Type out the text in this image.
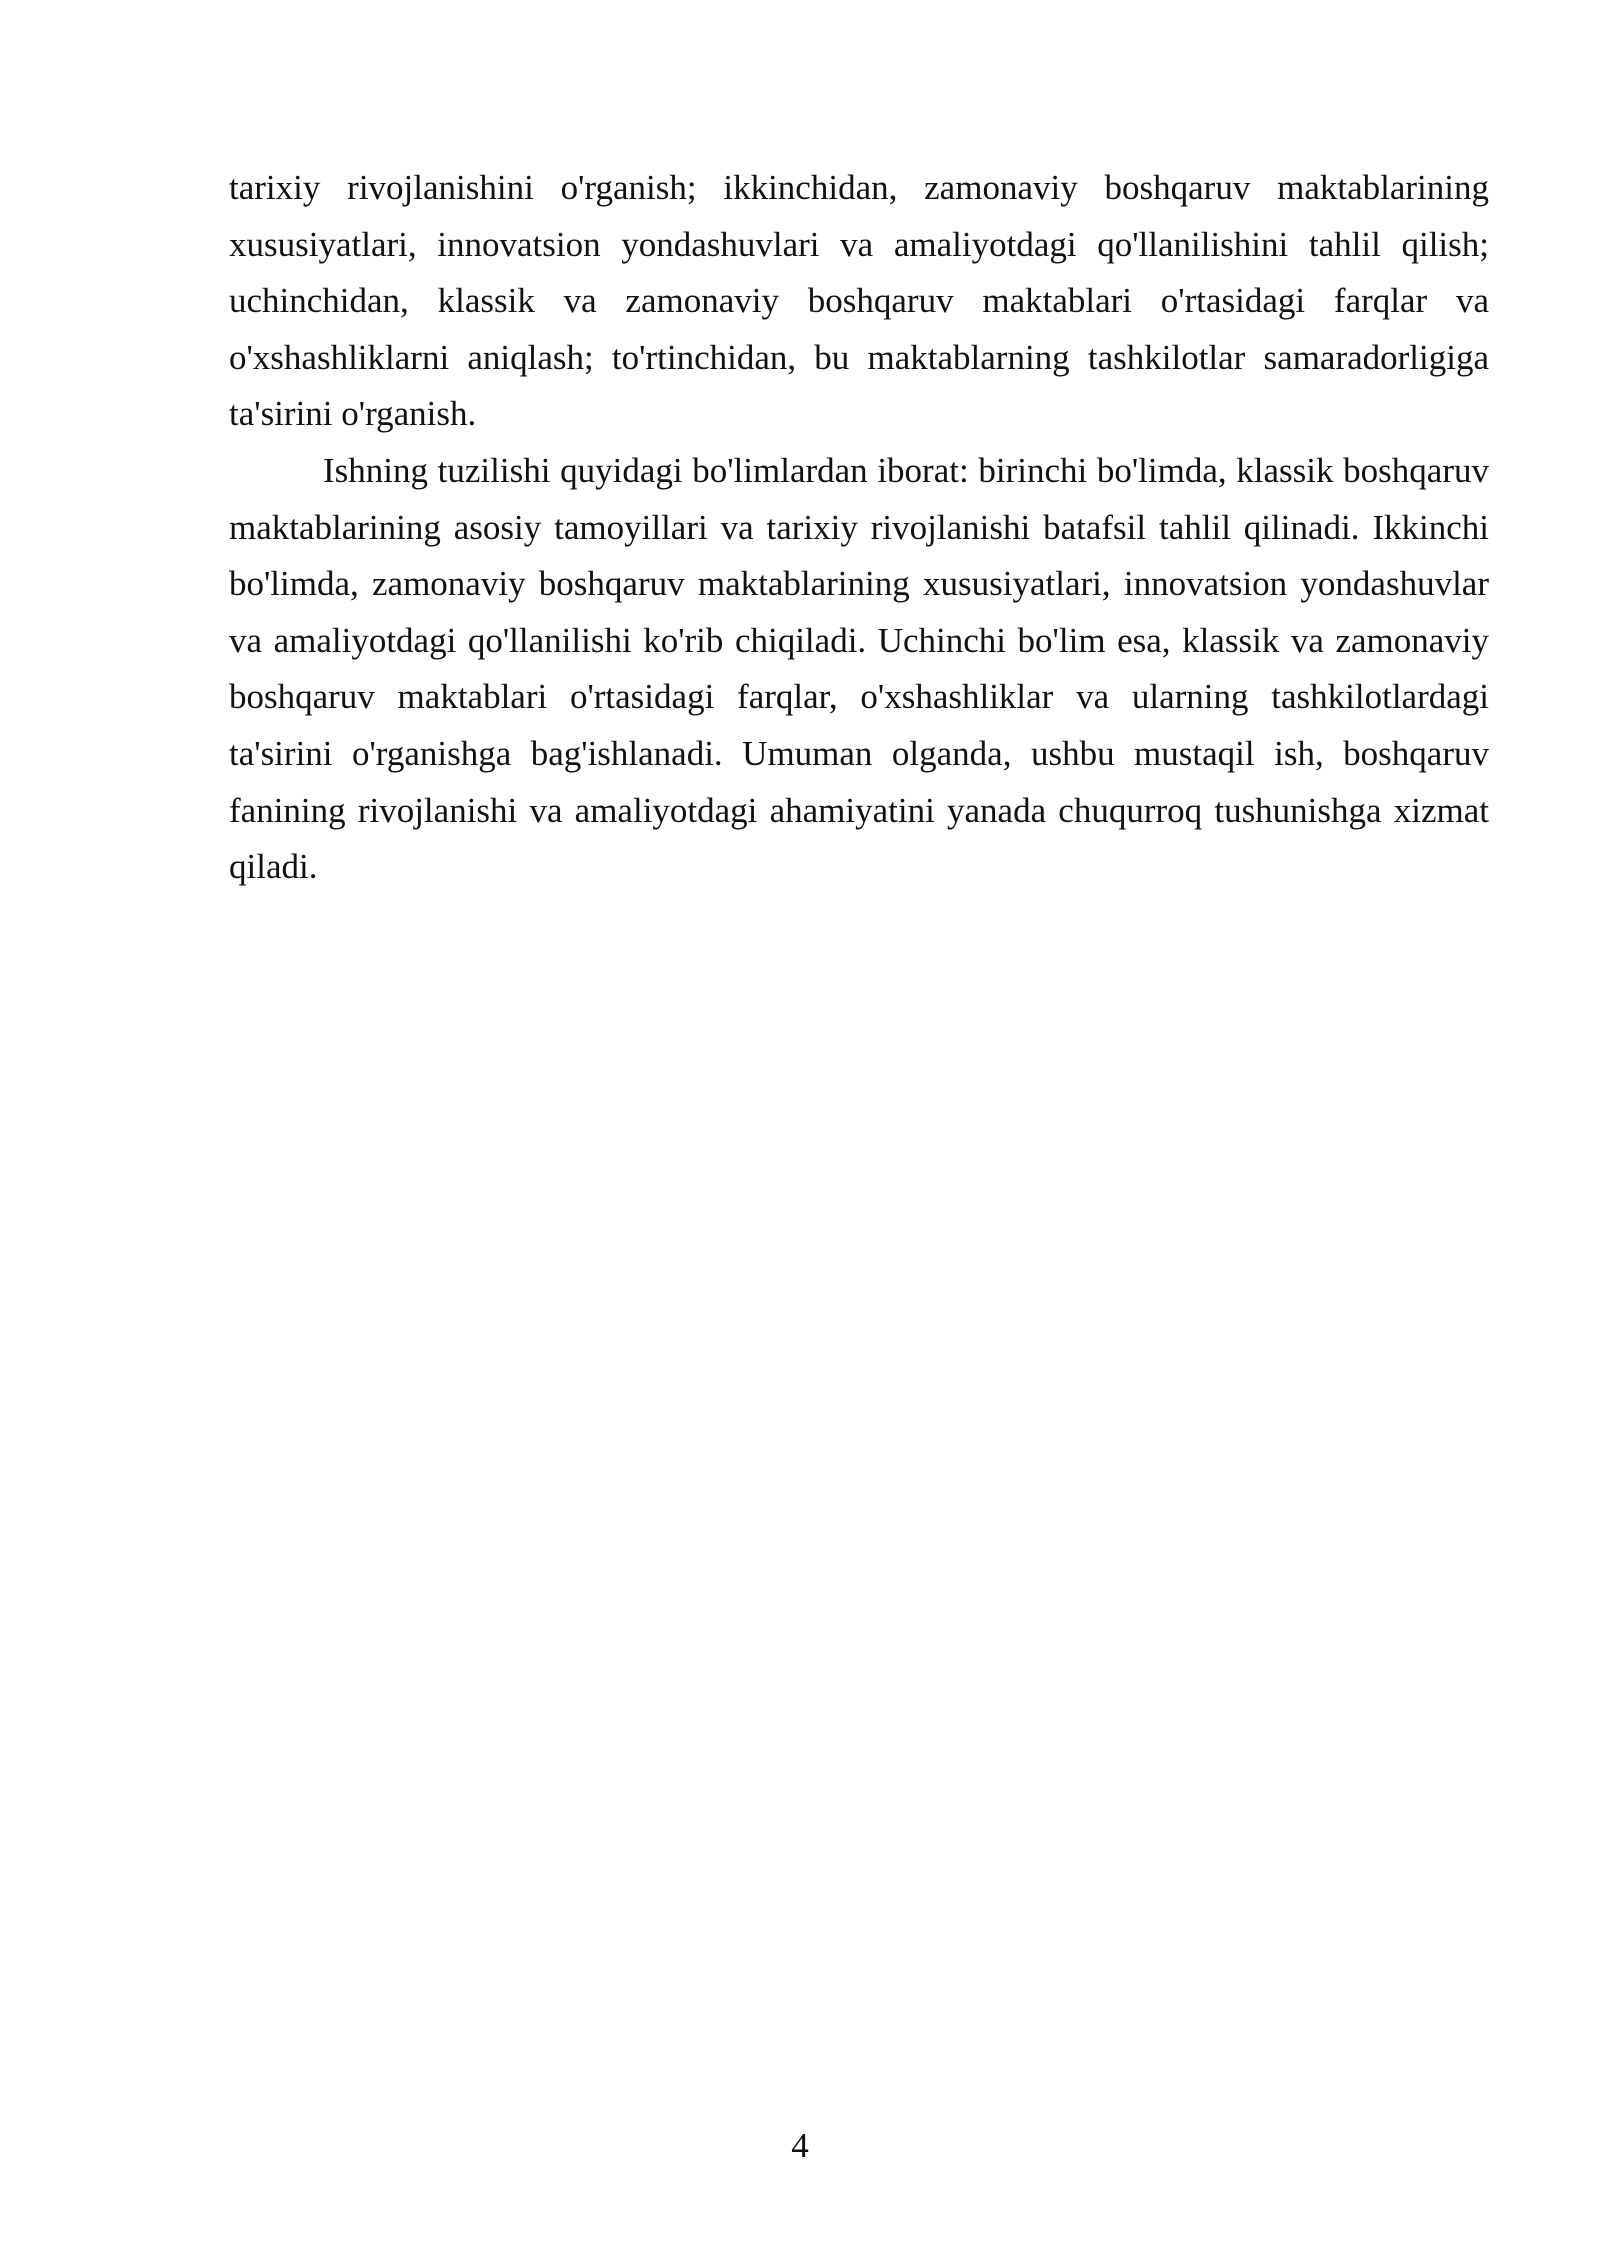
tarixiy rivojlanishini o'rganish; ikkinchidan, zamonaviy boshqaruv maktablarining xususiyatlari, innovatsion yondashuvlari va amaliyotdagi qo'llanilishini tahlil qilish; uchinchidan, klassik va zamonaviy boshqaruv maktablari o'rtasidagi farqlar va o'xshashliklarni aniqlash; to'rtinchidan, bu maktablarning tashkilotlar samaradorligiga ta'sirini o'rganish.

Ishning tuzilishi quyidagi bo'limlardan iborat: birinchi bo'limda, klassik boshqaruv maktablarining asosiy tamoyillari va tarixiy rivojlanishi batafsil tahlil qilinadi. Ikkinchi bo'limda, zamonaviy boshqaruv maktablarining xususiyatlari, innovatsion yondashuvlar va amaliyotdagi qo'llanilishi ko'rib chiqiladi. Uchinchi bo'lim esa, klassik va zamonaviy boshqaruv maktablari o'rtasidagi farqlar, o'xshashliklar va ularning tashkilotlardagi ta'sirini o'rganishga bag'ishlanadi. Umuman olganda, ushbu mustaqil ish, boshqaruv fanining rivojlanishi va amaliyotdagi ahamiyatini yanada chuqurroq tushunishga xizmat qiladi.

4
